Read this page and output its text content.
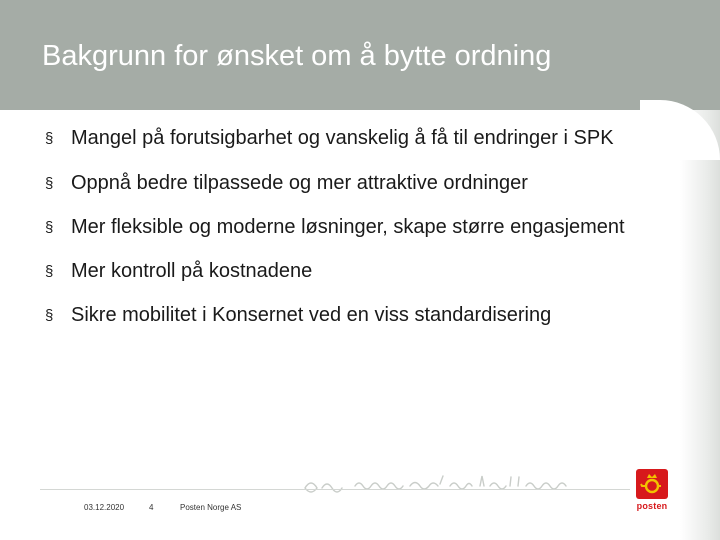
Bakgrunn for ønsket om å bytte ordning
§ Mangel på forutsigbarhet og vanskelig å få til endringer i SPK
§ Oppnå bedre tilpassede og mer attraktive ordninger
§ Mer fleksible og moderne løsninger, skape større engasjement
§ Mer kontroll på kostnadene
§ Sikre mobilitet i Konsernet ved en viss standardisering
03.12.2020	4	Posten Norge AS	posten
